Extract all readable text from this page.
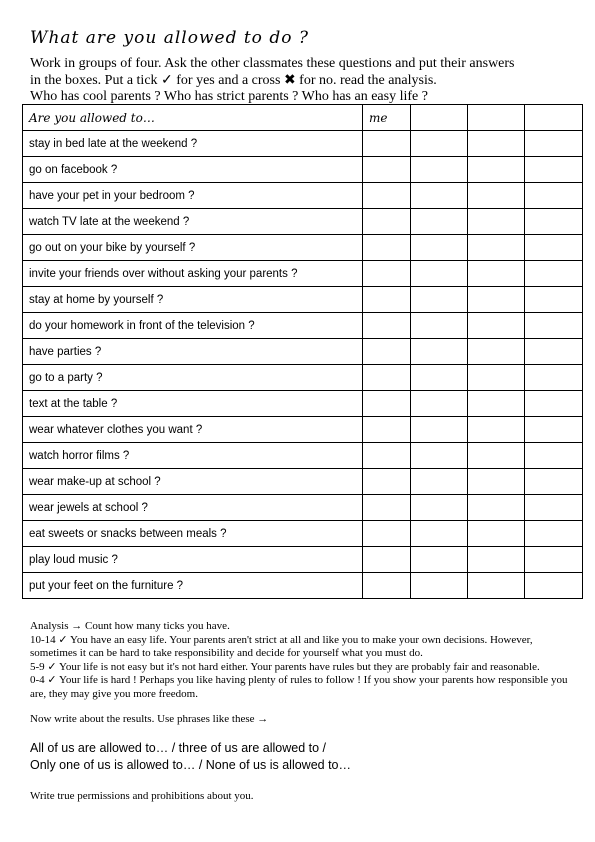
What are you allowed to do ?
Work in groups of four. Ask the other classmates these questions and put their answers
in the boxes. Put a tick ✓ for yes and a cross ✖ for no. read the analysis.
Who has cool parents ? Who has strict parents ? Who has an easy life ?
Are you allowed to…	me			
stay in bed late at the weekend ?				
go on facebook ?				
have your pet in your bedroom ?				
watch TV late at the weekend ?				
go out on your bike by yourself ?				
invite your friends over without asking your parents ?				
stay at home by yourself ?				
do your homework in front of the television ?				
have parties ?				
go to a party ?				
text at the table ?				
wear whatever clothes you want ?				
watch horror films ?				
wear make-up at school ?				
wear jewels at school ?				
eat sweets or snacks between meals ?				
play loud music ?				
put your feet on the furniture ?				

Analysis → Count how many ticks you have.

10-14 ✓ You have an easy life. Your parents aren't strict at all and like you to make your own decisions. However, sometimes it can be hard to take responsibility and decide for yourself what you must do.

5-9 ✓ Your life is not easy but it's not hard either. Your parents have rules but they are probably fair and reasonable.

0-4 ✓ Your life is hard ! Perhaps you like having plenty of rules to follow ! If you show your parents how responsible you are, they may give you more freedom.

Now write about the results. Use phrases like these →

All of us are allowed to… / three of us are allowed to /
Only one of us is allowed to… / None of us is allowed to…
Write true permissions and prohibitions about you.
